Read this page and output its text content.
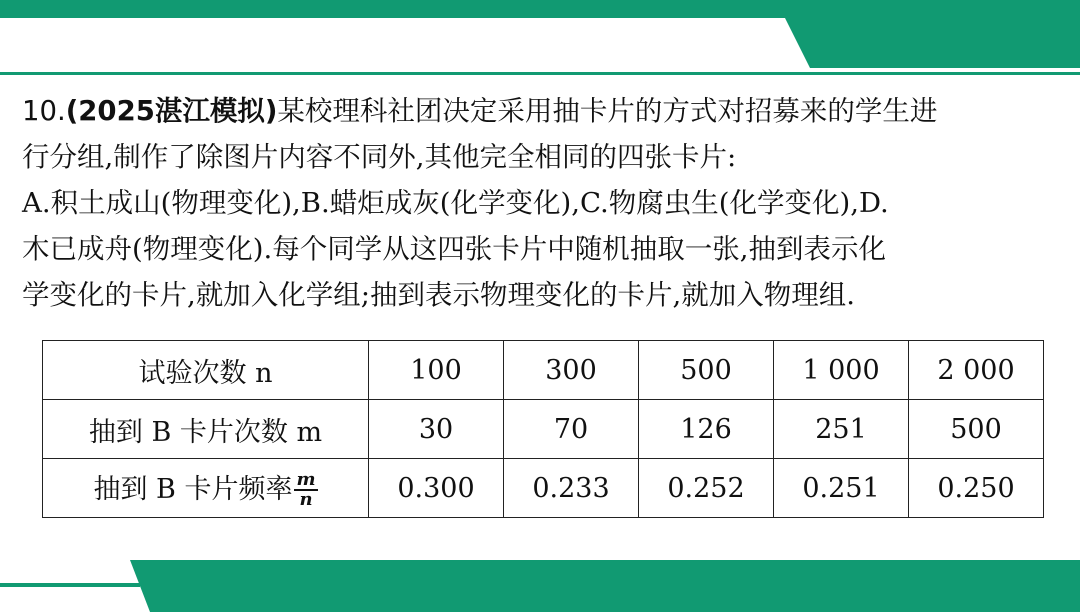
10.(2025湛江模拟)某校理科社团决定采用抽卡片的方式对招募来的学生进

行分组,制作了除图片内容不同外,其他完全相同的四张卡片:

A.积土成山(物理变化),B.蜡炬成灰(化学变化),C.物腐虫生(化学变化),D.

木已成舟(物理变化).每个同学从这四张卡片中随机抽取一张,抽到表示化

学变化的卡片,就加入化学组;抽到表示物理变化的卡片,就加入物理组.

试验次数 n	100	300	500	1 000	2 000
抽到 B 卡片次数 m	30	70	126	251	500
抽到 B 卡片频率 $\frac{m}{n}$	0.300	0.233	0.252	0.251	0.250
